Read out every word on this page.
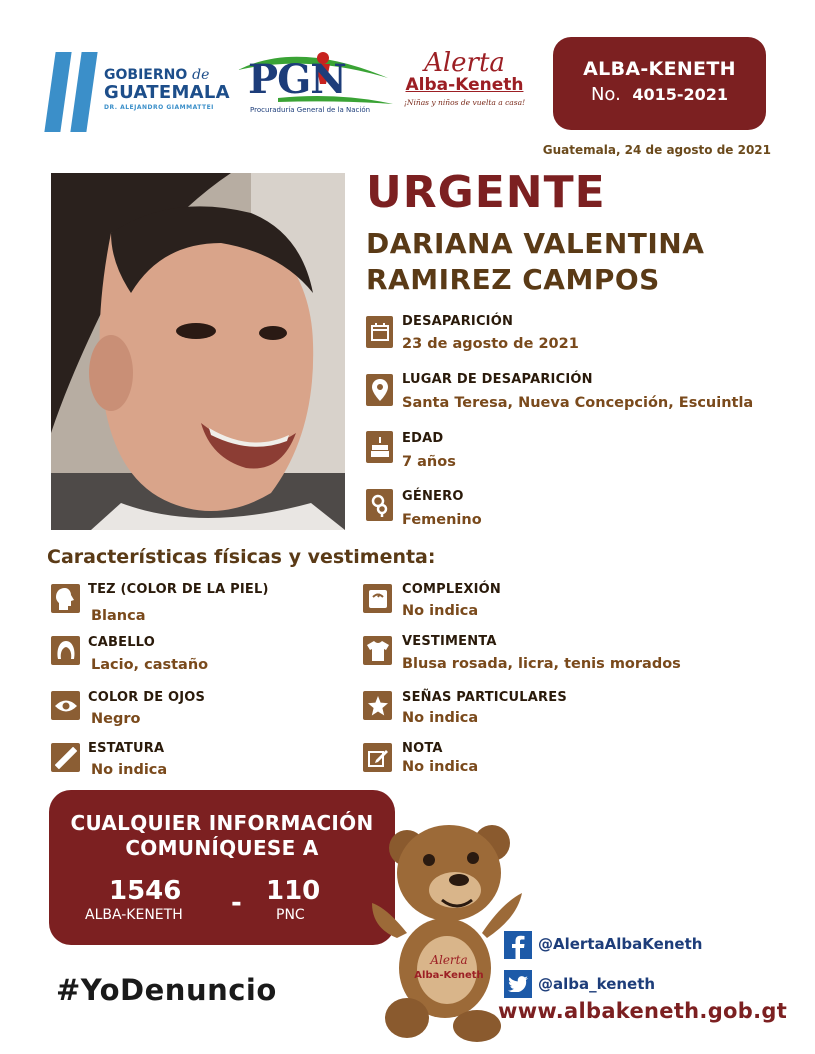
GOBIERNO de
GUATEMALA
DR. ALEJANDRO GIAMMATTEI
PGN
Procuraduría General de la Nación
Alerta
Alba-Keneth
¡Niñas y niños de vuelta a casa!
ALBA-KENETH
No. 4015-2021
Guatemala, 24 de agosto de 2021
URGENTE
DARIANA VALENTINA
RAMIREZ CAMPOS
DESAPARICIÓN
23 de agosto de 2021
LUGAR DE DESAPARICIÓN
Santa Teresa, Nueva Concepción, Escuintla
EDAD
7 años
GÉNERO
Femenino
Características físicas y vestimenta:
TEZ (COLOR DE LA PIEL)
Blanca
CABELLO
Lacio, castaño
COLOR DE OJOS
Negro
ESTATURA
No indica
COMPLEXIÓN
No indica
VESTIMENTA
Blusa rosada, licra, tenis morados
SEÑAS PARTICULARES
No indica
NOTA
No indica
CUALQUIER INFORMACIÓN
COMUNÍQUESE A
1546
ALBA-KENETH - 110
PNC
#YoDenuncio
Alerta
Alba-Keneth
@AlertaAlbaKeneth
@alba_keneth
www.albakeneth.gob.gt
